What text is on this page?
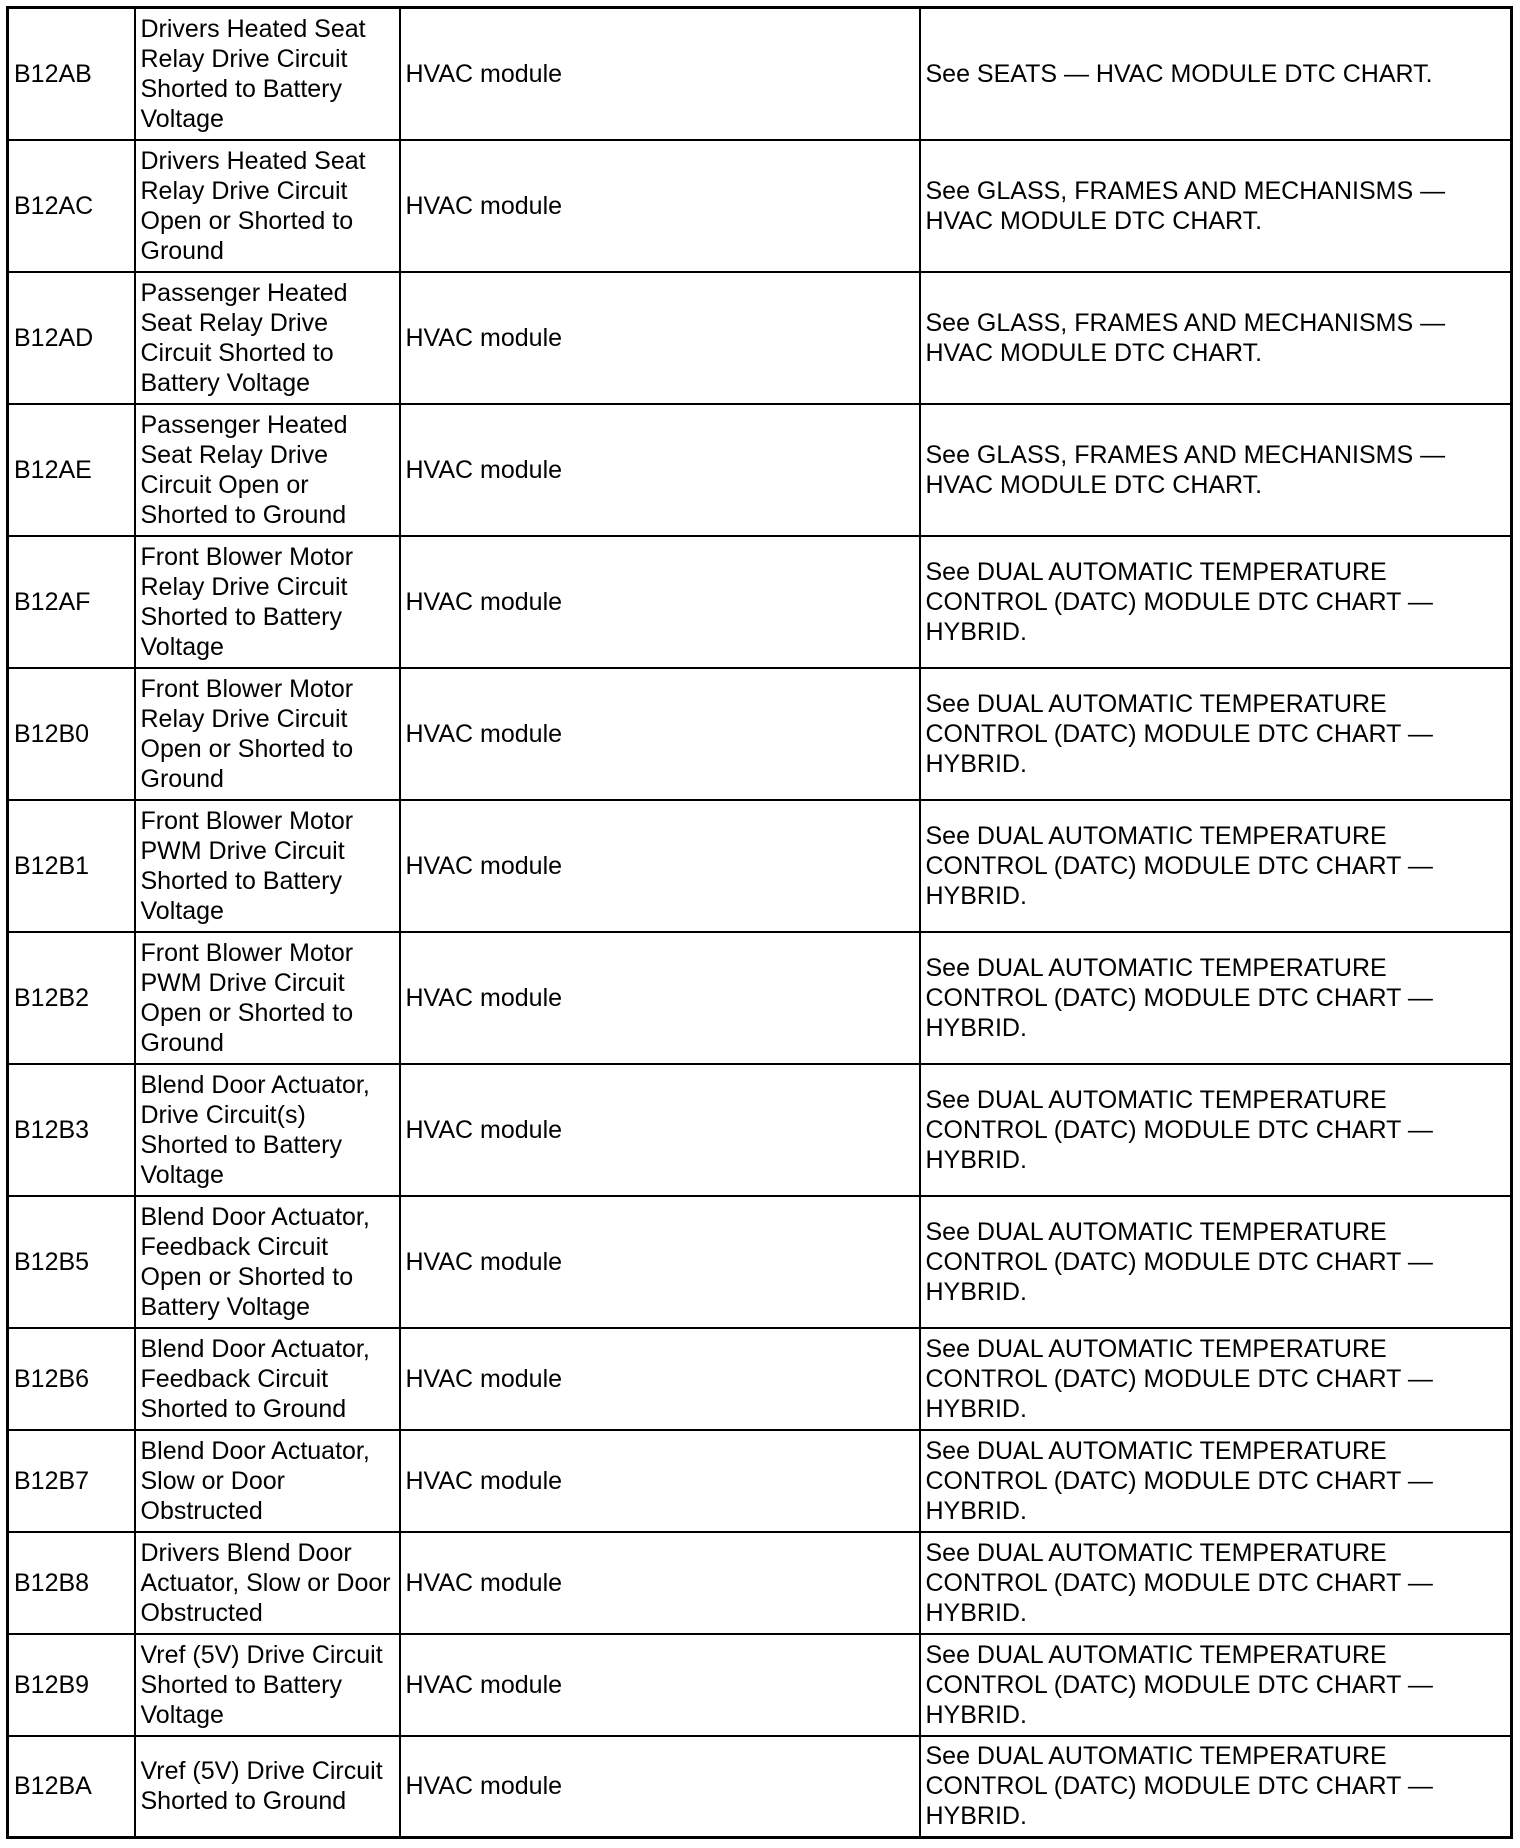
B12AB	Drivers Heated Seat Relay Drive Circuit Shorted to Battery Voltage	HVAC module	See SEATS — HVAC MODULE DTC CHART.
B12AC	Drivers Heated Seat Relay Drive Circuit Open or Shorted to Ground	HVAC module	See GLASS, FRAMES AND MECHANISMS — HVAC MODULE DTC CHART.
B12AD	Passenger Heated Seat Relay Drive Circuit Shorted to Battery Voltage	HVAC module	See GLASS, FRAMES AND MECHANISMS — HVAC MODULE DTC CHART.
B12AE	Passenger Heated Seat Relay Drive Circuit Open or Shorted to Ground	HVAC module	See GLASS, FRAMES AND MECHANISMS — HVAC MODULE DTC CHART.
B12AF	Front Blower Motor Relay Drive Circuit Shorted to Battery Voltage	HVAC module	See DUAL AUTOMATIC TEMPERATURE CONTROL (DATC) MODULE DTC CHART — HYBRID.
B12B0	Front Blower Motor Relay Drive Circuit Open or Shorted to Ground	HVAC module	See DUAL AUTOMATIC TEMPERATURE CONTROL (DATC) MODULE DTC CHART — HYBRID.
B12B1	Front Blower Motor PWM Drive Circuit Shorted to Battery Voltage	HVAC module	See DUAL AUTOMATIC TEMPERATURE CONTROL (DATC) MODULE DTC CHART — HYBRID.
B12B2	Front Blower Motor PWM Drive Circuit Open or Shorted to Ground	HVAC module	See DUAL AUTOMATIC TEMPERATURE CONTROL (DATC) MODULE DTC CHART — HYBRID.
B12B3	Blend Door Actuator, Drive Circuit(s) Shorted to Battery Voltage	HVAC module	See DUAL AUTOMATIC TEMPERATURE CONTROL (DATC) MODULE DTC CHART — HYBRID.
B12B5	Blend Door Actuator, Feedback Circuit Open or Shorted to Battery Voltage	HVAC module	See DUAL AUTOMATIC TEMPERATURE CONTROL (DATC) MODULE DTC CHART — HYBRID.
B12B6	Blend Door Actuator, Feedback Circuit Shorted to Ground	HVAC module	See DUAL AUTOMATIC TEMPERATURE CONTROL (DATC) MODULE DTC CHART — HYBRID.
B12B7	Blend Door Actuator, Slow or Door Obstructed	HVAC module	See DUAL AUTOMATIC TEMPERATURE CONTROL (DATC) MODULE DTC CHART — HYBRID.
B12B8	Drivers Blend Door Actuator, Slow or Door Obstructed	HVAC module	See DUAL AUTOMATIC TEMPERATURE CONTROL (DATC) MODULE DTC CHART — HYBRID.
B12B9	Vref (5V) Drive Circuit Shorted to Battery Voltage	HVAC module	See DUAL AUTOMATIC TEMPERATURE CONTROL (DATC) MODULE DTC CHART — HYBRID.
B12BA	Vref (5V) Drive Circuit Shorted to Ground	HVAC module	See DUAL AUTOMATIC TEMPERATURE CONTROL (DATC) MODULE DTC CHART — HYBRID.
